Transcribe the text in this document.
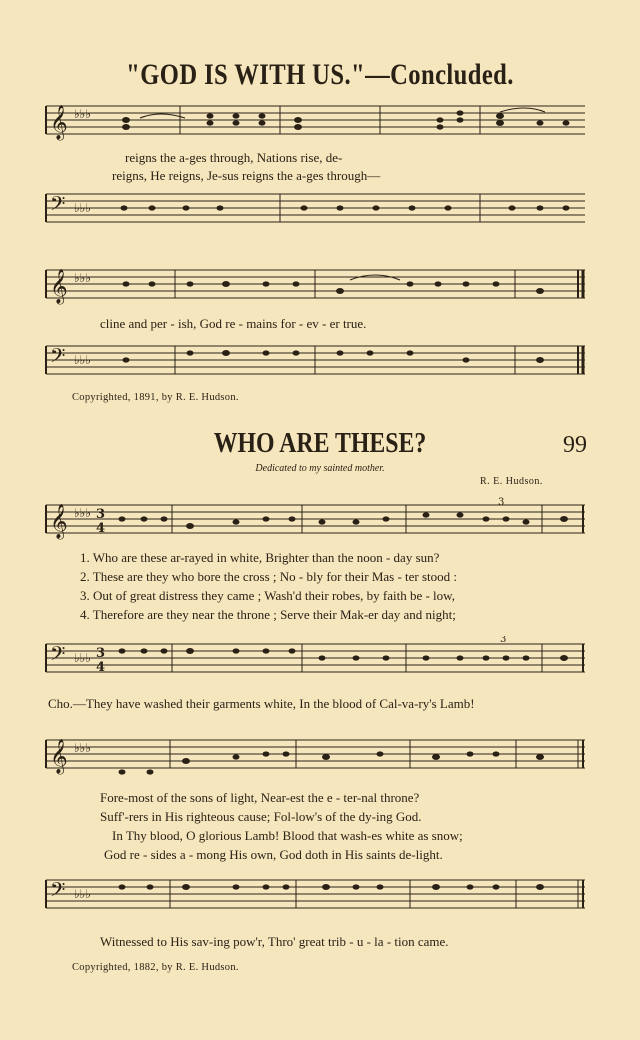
"GOD IS WITH US."—Concluded.
𝄞 ♭♭♭
reigns the a-ges through, Nations rise, de-
reigns, He reigns, Je-sus reigns the a-ges through—
𝄢 ♭♭♭
𝄞 ♭♭♭
cline and per - ish, God re - mains for - ev - er true.
𝄢 ♭♭♭
Copyrighted, 1891, by R. E. Hudson.
WHO ARE THESE?	99
Dedicated to my sainted mother.
R. E. Hudson.
𝄞 ♭♭♭ 3
4
3
1. Who are these ar-rayed in white, Brighter than the noon - day sun?
2. These are they who bore the cross ; No - bly for their Mas - ter stood :
3. Out of great distress they came ; Wash'd their robes, by faith be - low,
4. Therefore are they near the throne ; Serve their Mak-er day and night;
𝄢 ♭♭♭ 3
4
3
Cho.—They have washed their garments white, In the blood of Cal-va-ry's Lamb!
𝄞 ♭♭♭
Fore-most of the sons of light, Near-est the e - ter-nal throne?
Suff'-rers in His righteous cause; Fol-low's of the dy-ing God.
In Thy blood, O glorious Lamb! Blood that wash-es white as snow;
God re - sides a - mong His own, God doth in His saints de-light.
𝄢 ♭♭♭
Witnessed to His sav-ing pow'r, Thro' great trib - u - la - tion came.
Copyrighted, 1882, by R. E. Hudson.
